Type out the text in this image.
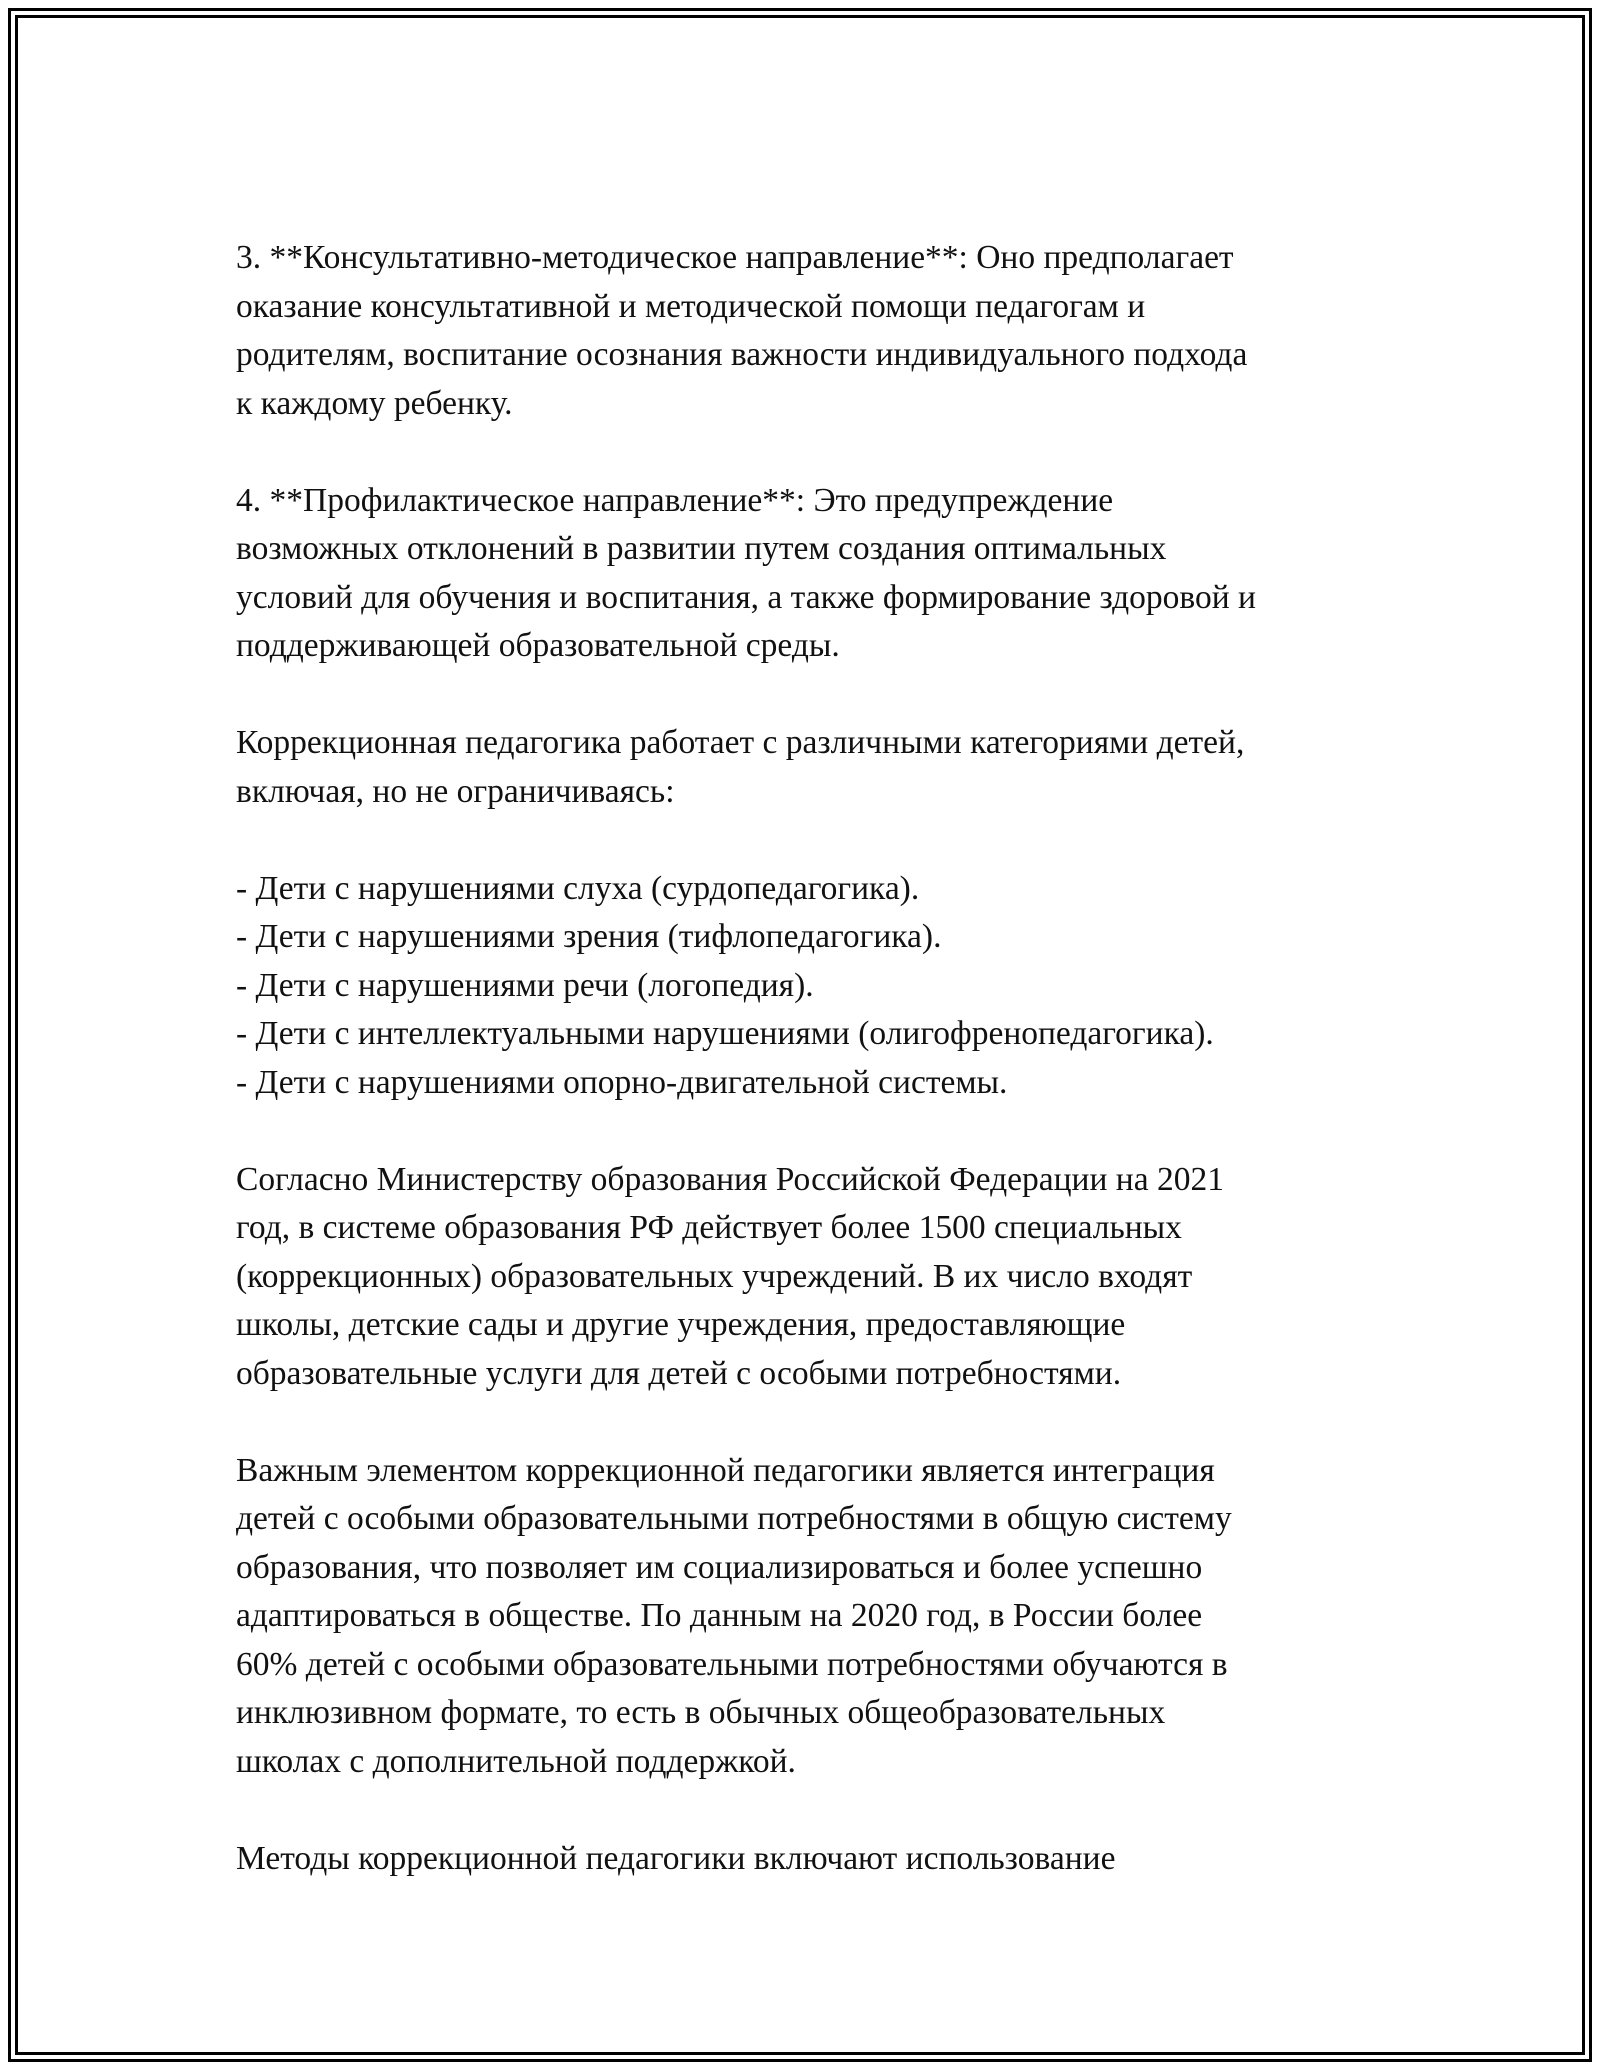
3. **Консультативно-методическое направление**: Оно предполагает
оказание консультативной и методической помощи педагогам и
родителям, воспитание осознания важности индивидуального подхода
к каждому ребенку.

4. **Профилактическое направление**: Это предупреждение
возможных отклонений в развитии путем создания оптимальных
условий для обучения и воспитания, а также формирование здоровой и
поддерживающей образовательной среды.

Коррекционная педагогика работает с различными категориями детей,
включая, но не ограничиваясь:

- Дети с нарушениями слуха (сурдопедагогика).
- Дети с нарушениями зрения (тифлопедагогика).
- Дети с нарушениями речи (логопедия).
- Дети с интеллектуальными нарушениями (олигофренопедагогика).
- Дети с нарушениями опорно-двигательной системы.

Согласно Министерству образования Российской Федерации на 2021
год, в системе образования РФ действует более 1500 специальных
(коррекционных) образовательных учреждений. В их число входят
школы, детские сады и другие учреждения, предоставляющие
образовательные услуги для детей с особыми потребностями.

Важным элементом коррекционной педагогики является интеграция
детей с особыми образовательными потребностями в общую систему
образования, что позволяет им социализироваться и более успешно
адаптироваться в обществе. По данным на 2020 год, в России более
60% детей с особыми образовательными потребностями обучаются в
инклюзивном формате, то есть в обычных общеобразовательных
школах с дополнительной поддержкой.

Методы коррекционной педагогики включают использование
